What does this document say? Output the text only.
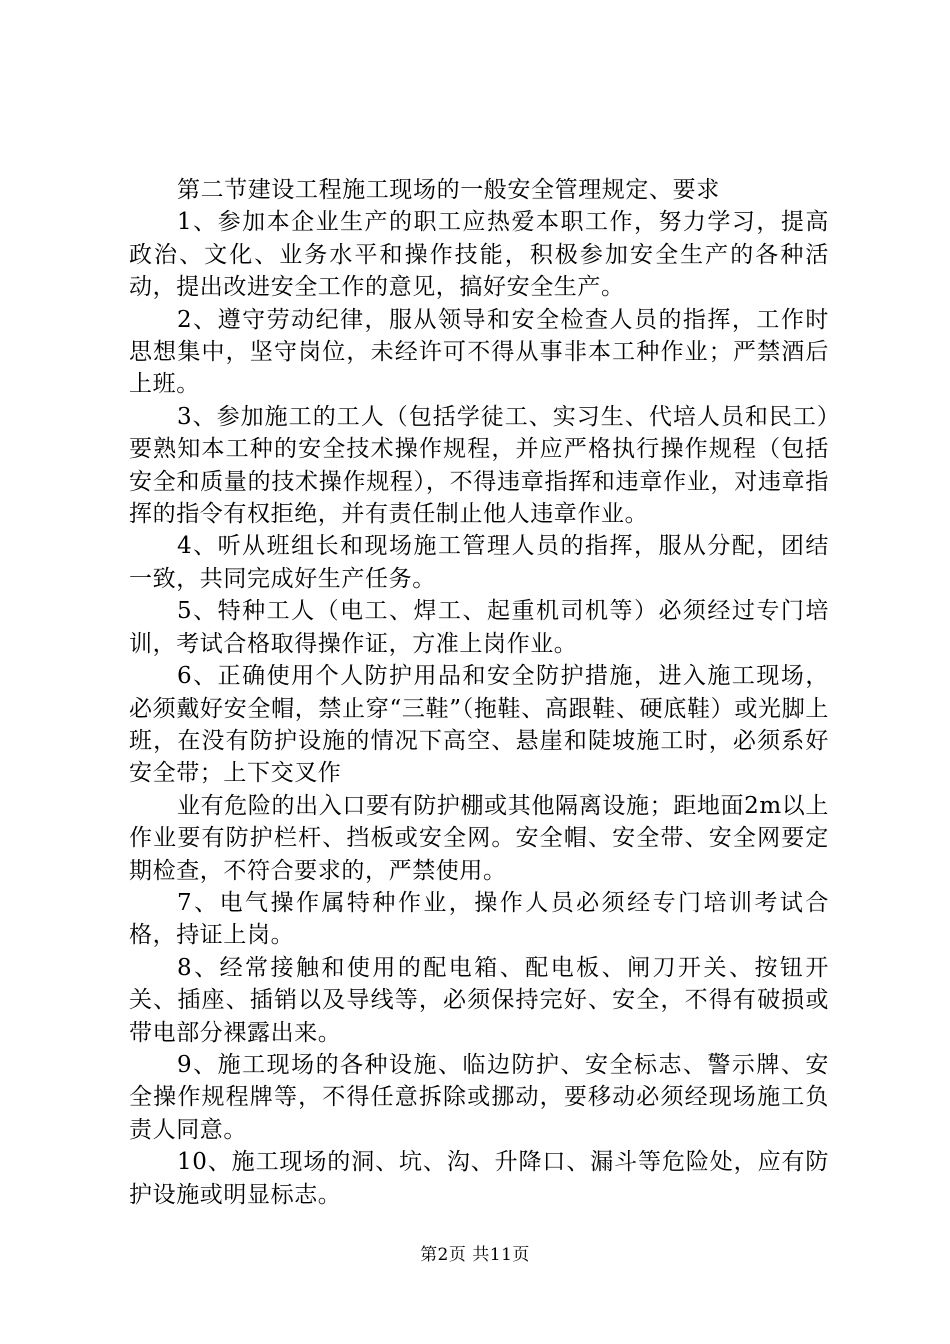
第二节建设工程施工现场的一般安全管理规定、要求

1、参加本企业生产的职工应热爱本职工作，努力学习，提高政治、文化、业务水平和操作技能，积极参加安全生产的各种活动，提出改进安全工作的意见，搞好安全生产。

2、遵守劳动纪律，服从领导和安全检查人员的指挥，工作时思想集中，坚守岗位，未经许可不得从事非本工种作业；严禁酒后上班。

3、参加施工的工人（包括学徒工、实习生、代培人员和民工）要熟知本工种的安全技术操作规程，并应严格执行操作规程（包括安全和质量的技术操作规程），不得违章指挥和违章作业，对违章指挥的指令有权拒绝，并有责任制止他人违章作业。

4、听从班组长和现场施工管理人员的指挥，服从分配，团结一致，共同完成好生产任务。

5、特种工人（电工、焊工、起重机司机等）必须经过专门培训，考试合格取得操作证，方准上岗作业。

6、正确使用个人防护用品和安全防护措施，进入施工现场，必须戴好安全帽，禁止穿“三鞋”（拖鞋、高跟鞋、硬底鞋）或光脚上班，在没有防护设施的情况下高空、悬崖和陡坡施工时，必须系好安全带；上下交叉作

业有危险的出入口要有防护棚或其他隔离设施；距地面2m以上作业要有防护栏杆、挡板或安全网。安全帽、安全带、安全网要定期检查，不符合要求的，严禁使用。

7、电气操作属特种作业，操作人员必须经专门培训考试合格，持证上岗。

8、经常接触和使用的配电箱、配电板、闸刀开关、按钮开关、插座、插销以及导线等，必须保持完好、安全，不得有破损或带电部分裸露出来。

9、施工现场的各种设施、临边防护、安全标志、警示牌、安全操作规程牌等，不得任意拆除或挪动，要移动必须经现场施工负责人同意。

10、施工现场的洞、坑、沟、升降口、漏斗等危险处，应有防护设施或明显标志。

第2页 共11页
